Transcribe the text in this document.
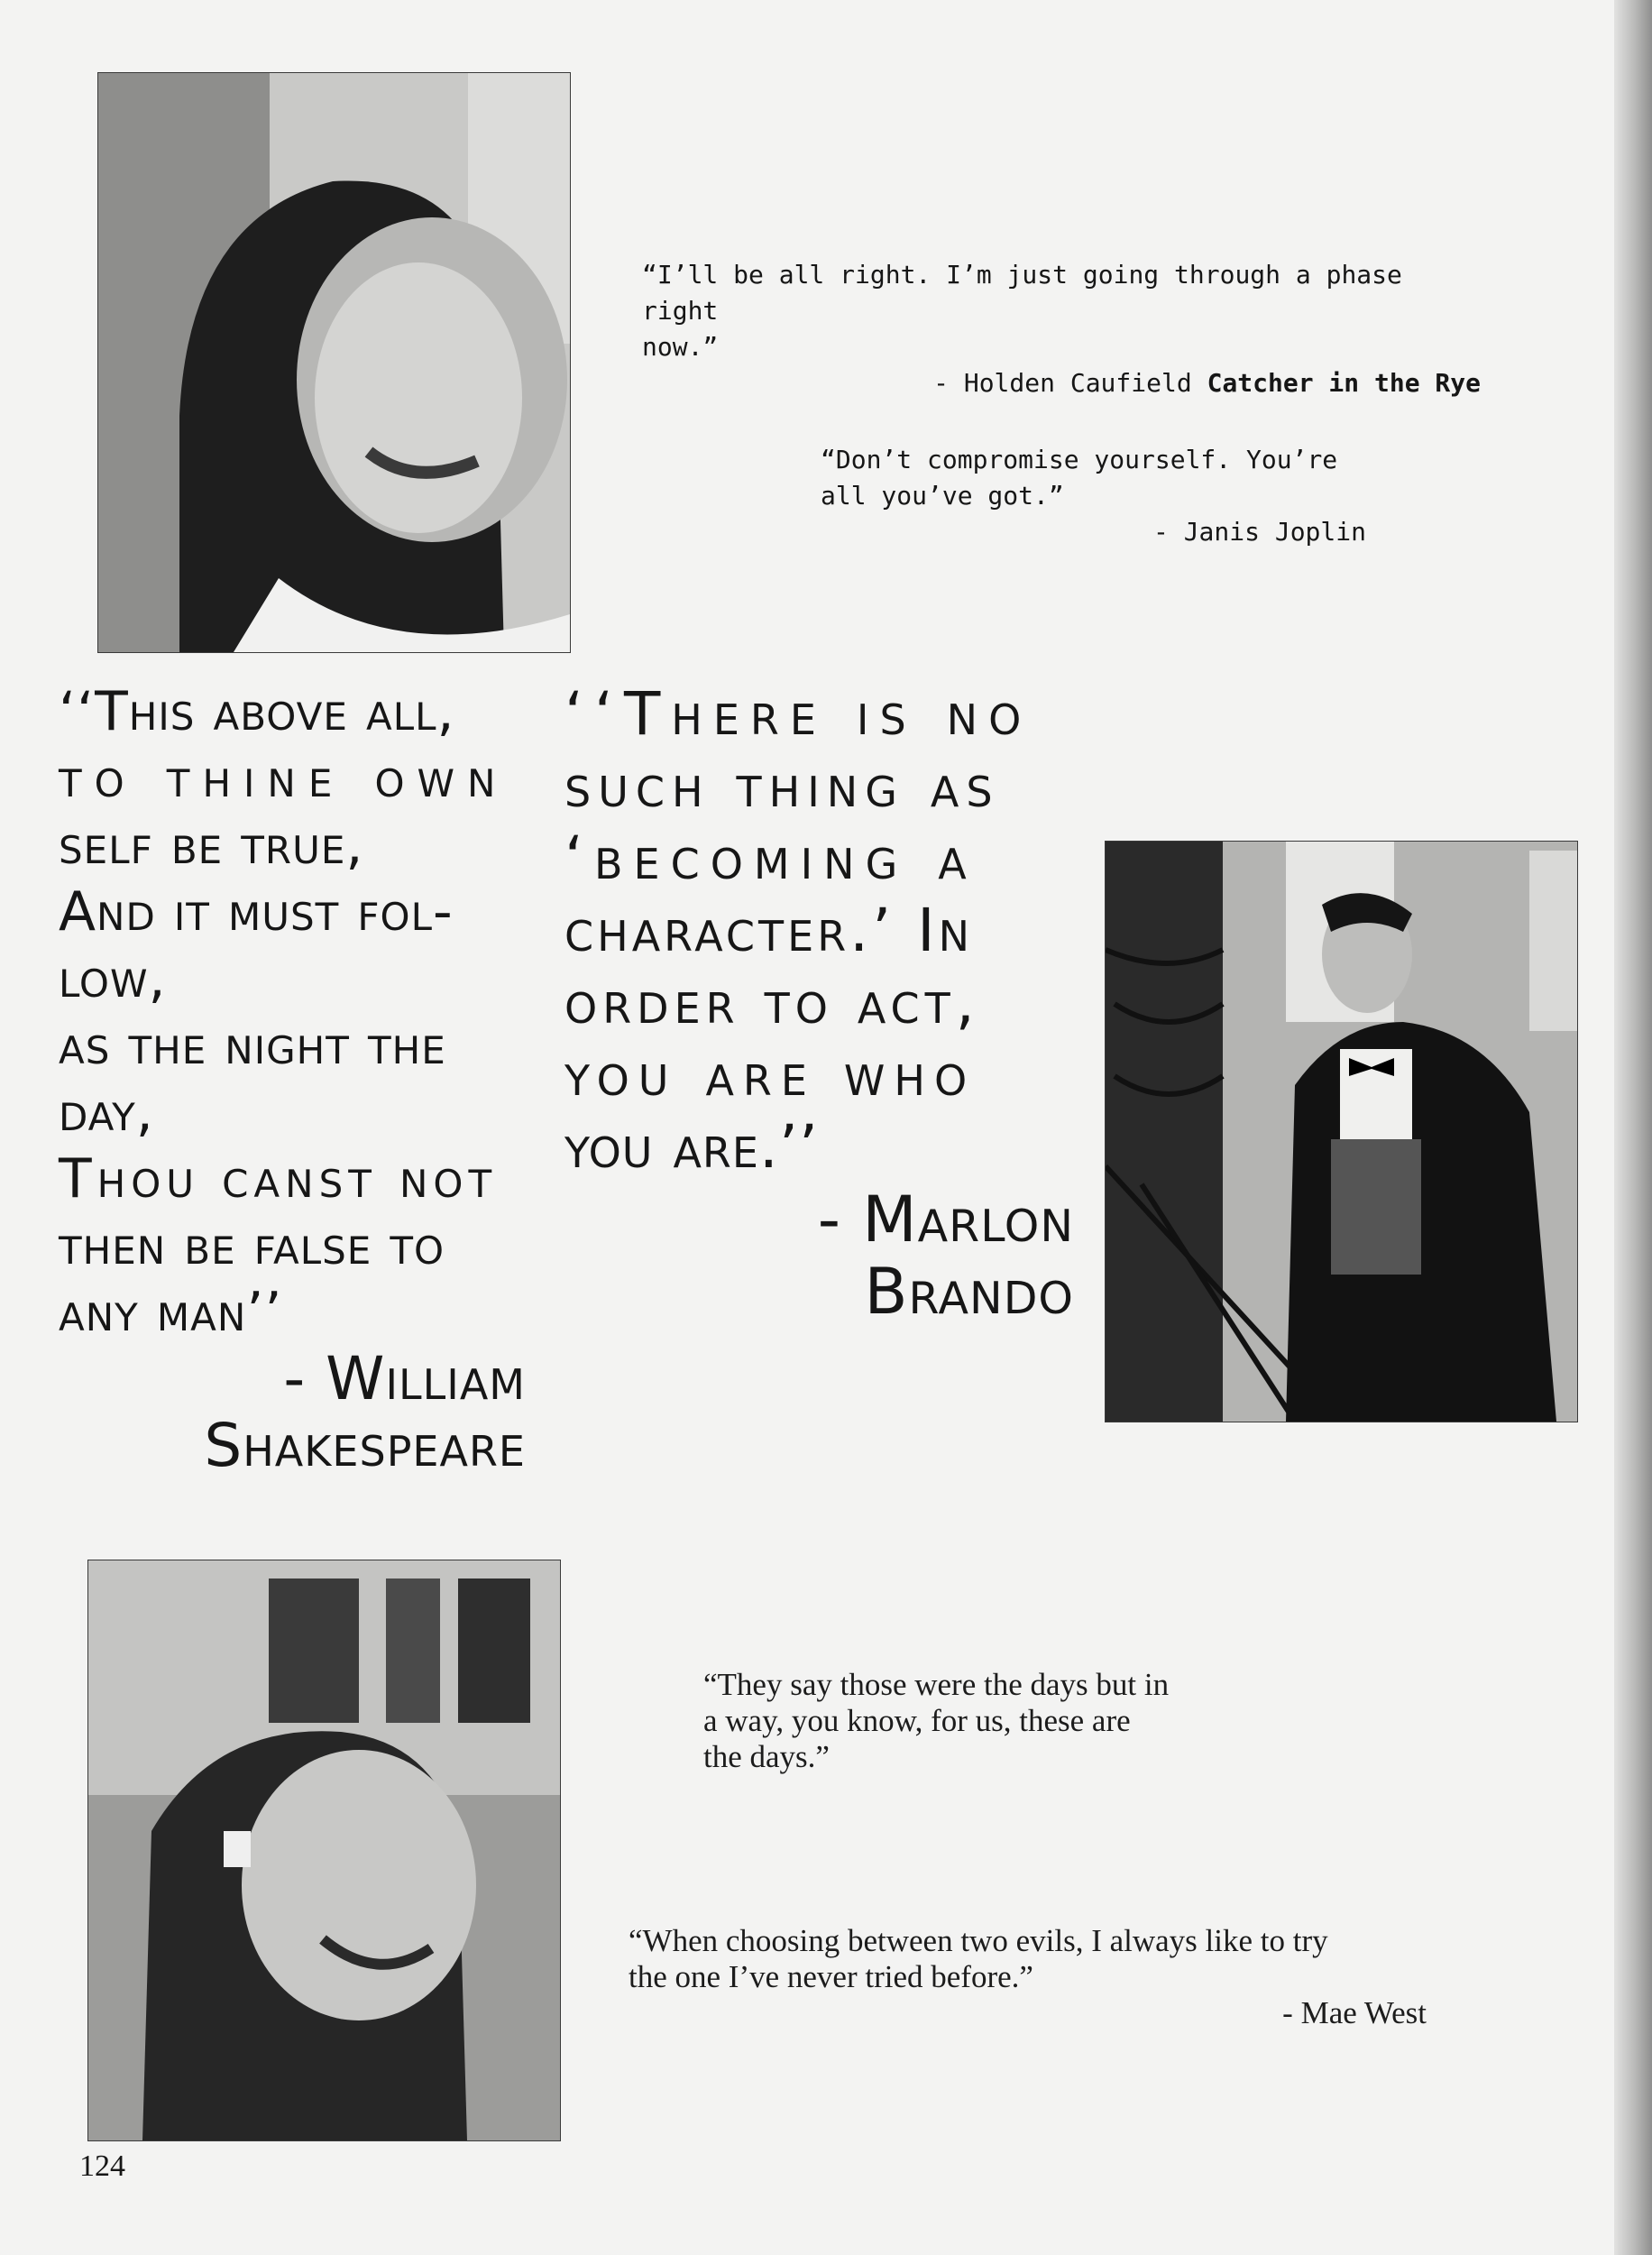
“I’ll be all right. I’m just going through a phase right
now.”
- Holden Caufield Catcher in the Rye
“Don’t compromise yourself. You’re
all you’ve got.”
- Janis Joplin
‘‘This above all,
to thine own
self be true,
And it must fol-
low,
as the night the
day,
Thou canst not
then be false to
any man’’
- William
Shakespeare
‘‘There is no
such thing as
‘becoming a
character.’ In
order to act,
you are who
you are.’’
- Marlon
Brando
“They say those were the days but in
a way, you know, for us, these are
the days.”
“When choosing between two evils, I always like to try
the one I’ve never tried before.”
- Mae West
124
